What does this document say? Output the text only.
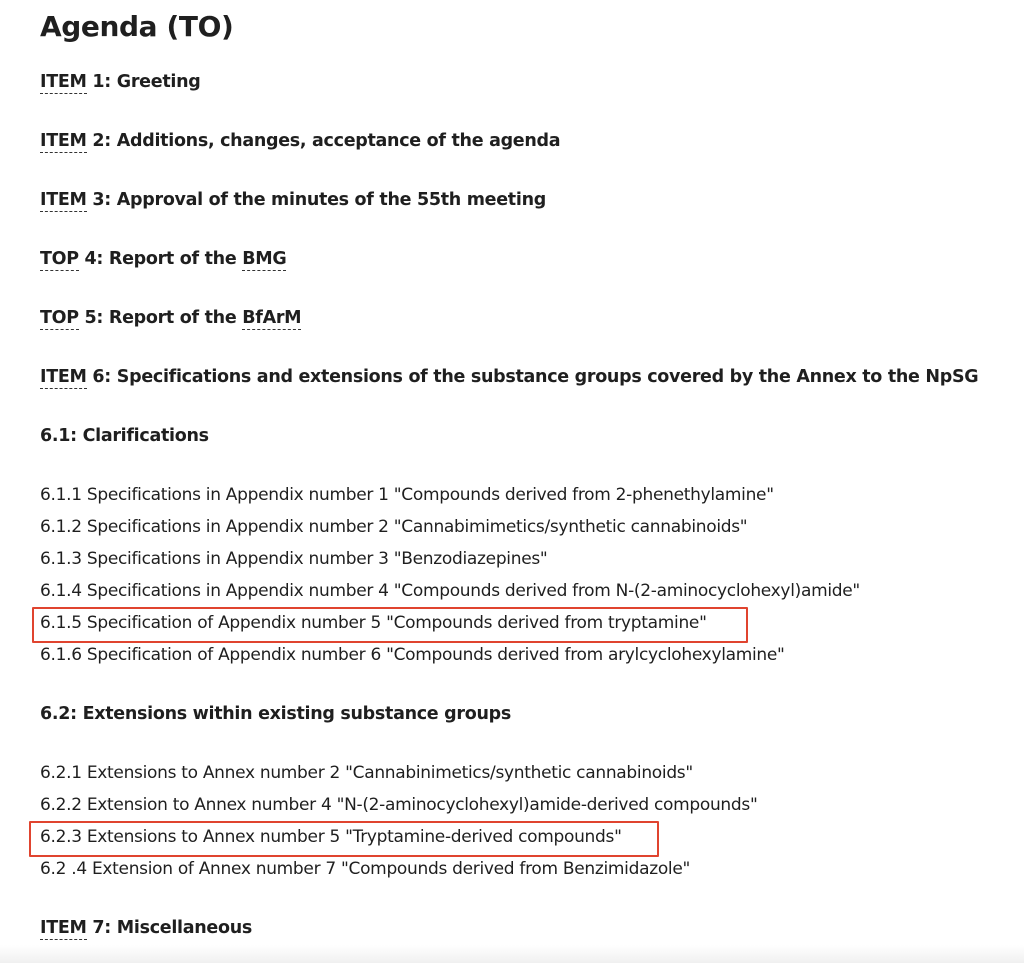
Agenda (TO)
ITEM 1: Greeting
ITEM 2: Additions, changes, acceptance of the agenda
ITEM 3: Approval of the minutes of the 55th meeting
TOP 4: Report of the BMG
TOP 5: Report of the BfArM
ITEM 6: Specifications and extensions of the substance groups covered by the Annex to the NpSG
6.1: Clarifications
6.1.1 Specifications in Appendix number 1 "Compounds derived from 2-phenethylamine"
6.1.2 Specifications in Appendix number 2 "Cannabimimetics/synthetic cannabinoids"
6.1.3 Specifications in Appendix number 3 "Benzodiazepines"
6.1.4 Specifications in Appendix number 4 "Compounds derived from N-(2-aminocyclohexyl)amide"
6.1.5 Specification of Appendix number 5 "Compounds derived from tryptamine"
6.1.6 Specification of Appendix number 6 "Compounds derived from arylcyclohexylamine"
6.2: Extensions within existing substance groups
6.2.1 Extensions to Annex number 2 "Cannabinimetics/synthetic cannabinoids"
6.2.2 Extension to Annex number 4 "N-(2-aminocyclohexyl)amide-derived compounds"
6.2.3 Extensions to Annex number 5 "Tryptamine-derived compounds"
6.2 .4 Extension of Annex number 7 "Compounds derived from Benzimidazole"
ITEM 7: Miscellaneous
